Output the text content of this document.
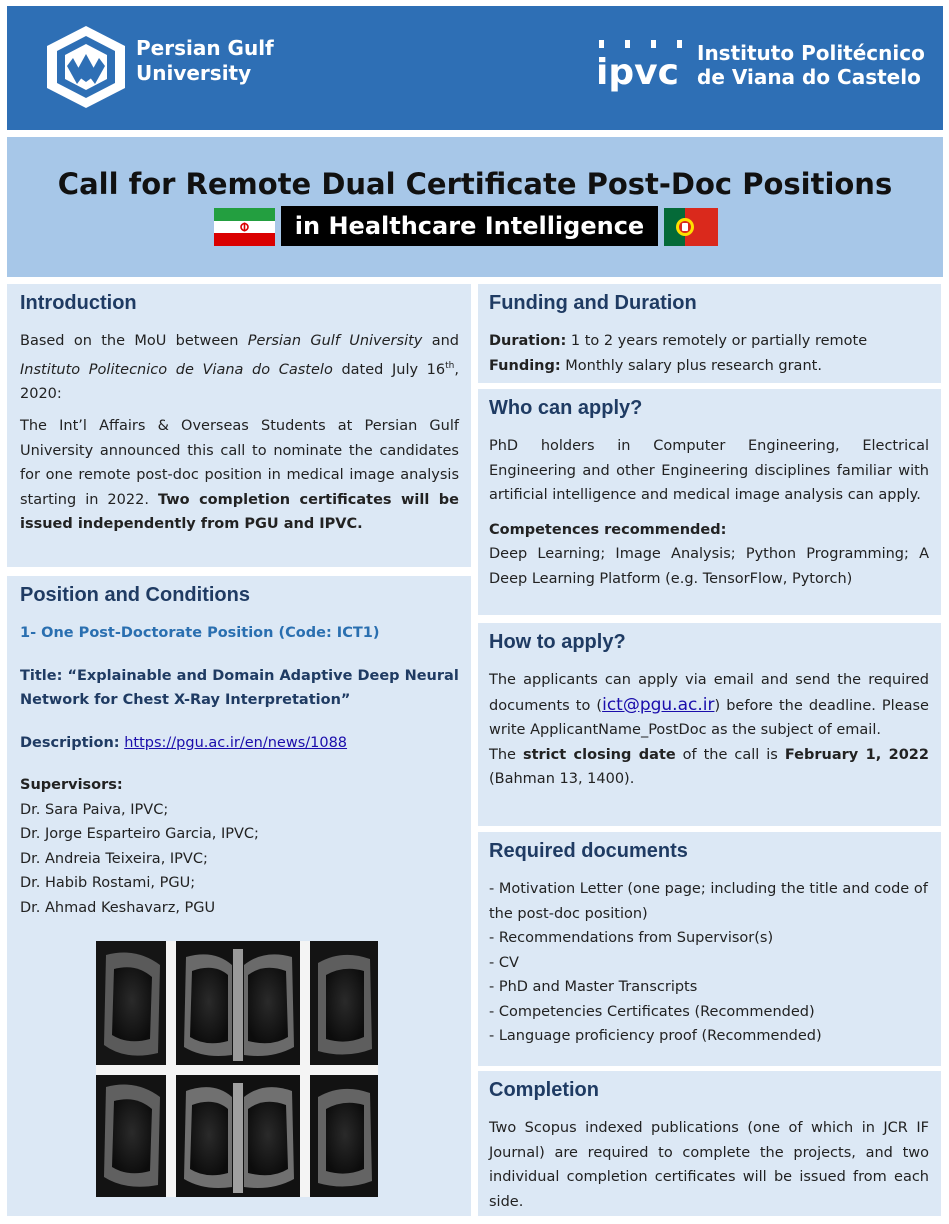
Persian Gulf
University	ipvc Instituto Politécnico
de Viana do Castelo
Call for Remote Dual Certificate Post-Doc Positions
in Healthcare Intelligence
Introduction
Based on the MoU between Persian Gulf University and Instituto Politecnico de Viana do Castelo dated July 16th, 2020:
The Int’l Affairs & Overseas Students at Persian Gulf University announced this call to nominate the candidates for one remote post-doc position in medical image analysis starting in 2022. Two completion certificates will be issued independently from PGU and IPVC.
Position and Conditions
1- One Post-Doctorate Position (Code: ICT1)
Title: “Explainable and Domain Adaptive Deep Neural Network for Chest X-Ray Interpretation”
Description: https://pgu.ac.ir/en/news/1088
Supervisors:
Dr. Sara Paiva, IPVC;
Dr. Jorge Esparteiro Garcia, IPVC;
Dr. Andreia Teixeira, IPVC;
Dr. Habib Rostami, PGU;
Dr. Ahmad Keshavarz, PGU
Funding and Duration
Duration: 1 to 2 years remotely or partially remote
Funding: Monthly salary plus research grant.
Who can apply?
PhD holders in Computer Engineering, Electrical Engineering and other Engineering disciplines familiar with artificial intelligence and medical image analysis can apply.
Competences recommended:
Deep Learning; Image Analysis; Python Programming; A Deep Learning Platform (e.g. TensorFlow, Pytorch)
How to apply?
The applicants can apply via email and send the required documents to (ict@pgu.ac.ir) before the deadline. Please write ApplicantName_PostDoc as the subject of email.
The strict closing date of the call is February 1, 2022 (Bahman 13, 1400).
Required documents
- Motivation Letter (one page; including the title and code of the post-doc position)
- Recommendations from Supervisor(s)
- CV
- PhD and Master Transcripts
- Competencies Certificates (Recommended)
- Language proficiency proof (Recommended)
Completion
Two Scopus indexed publications (one of which in JCR IF Journal) are required to complete the projects, and two individual completion certificates will be issued from each side.
